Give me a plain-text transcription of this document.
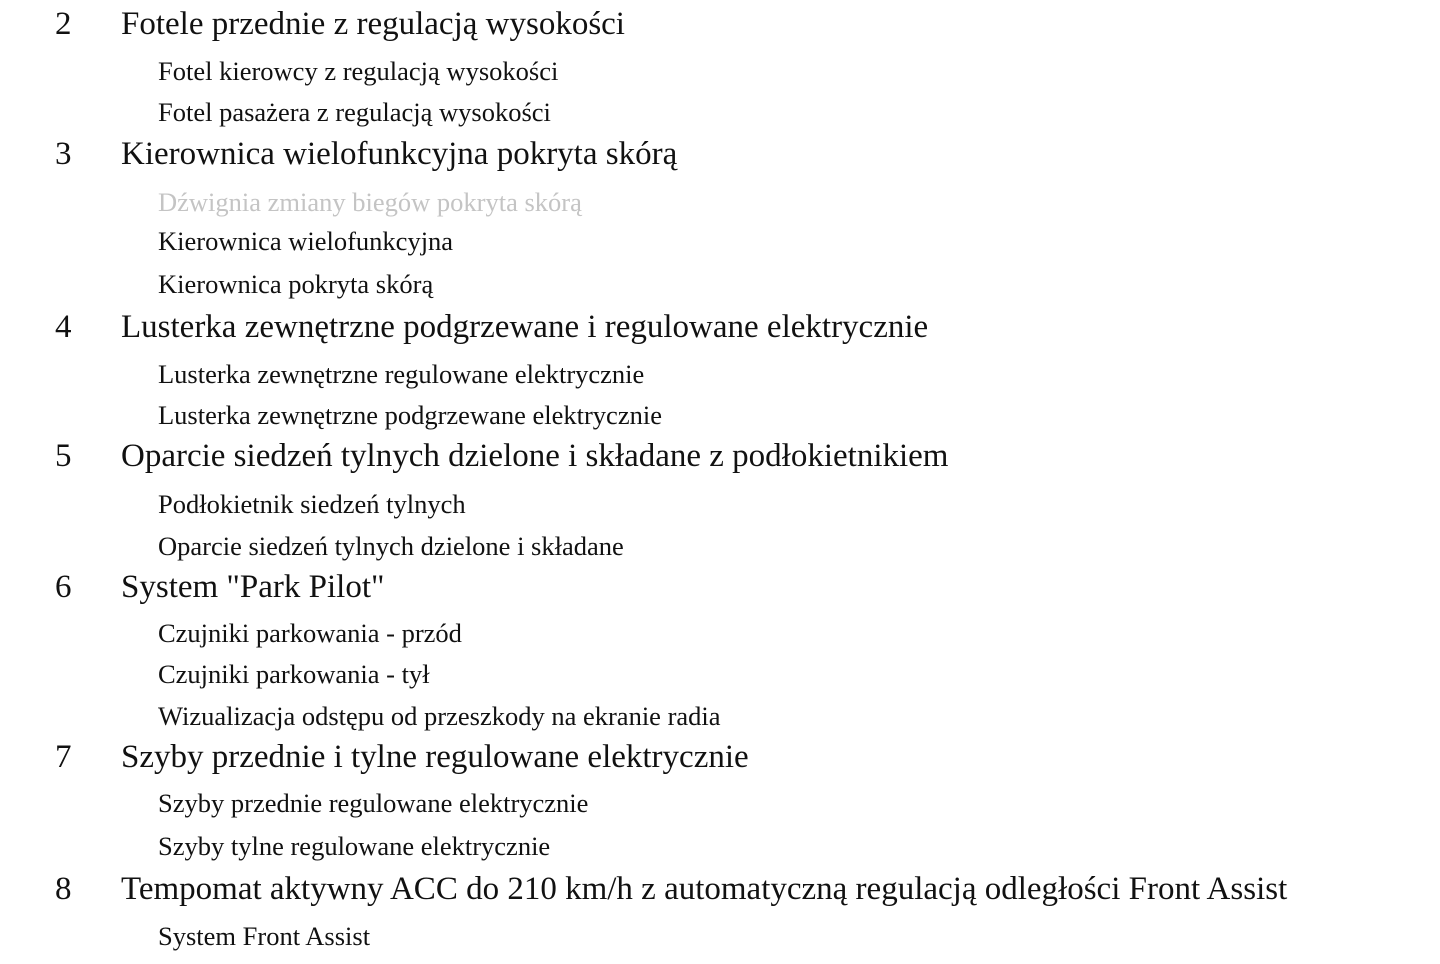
2 Fotele przednie z regulacją wysokości
Fotel kierowcy z regulacją wysokości
Fotel pasażera z regulacją wysokości
3 Kierownica wielofunkcyjna pokryta skórą
Dźwignia zmiany biegów pokryta skórą
Kierownica wielofunkcyjna
Kierownica pokryta skórą
4 Lusterka zewnętrzne podgrzewane i regulowane elektrycznie
Lusterka zewnętrzne regulowane elektrycznie
Lusterka zewnętrzne podgrzewane elektrycznie
5 Oparcie siedzeń tylnych dzielone i składane z podłokietnikiem
Podłokietnik siedzeń tylnych
Oparcie siedzeń tylnych dzielone i składane
6 System "Park Pilot"
Czujniki parkowania - przód
Czujniki parkowania - tył
Wizualizacja odstępu od przeszkody na ekranie radia
7 Szyby przednie i tylne regulowane elektrycznie
Szyby przednie regulowane elektrycznie
Szyby tylne regulowane elektrycznie
8 Tempomat aktywny ACC do 210 km/h z automatyczną regulacją odległości Front Assist
System Front Assist
